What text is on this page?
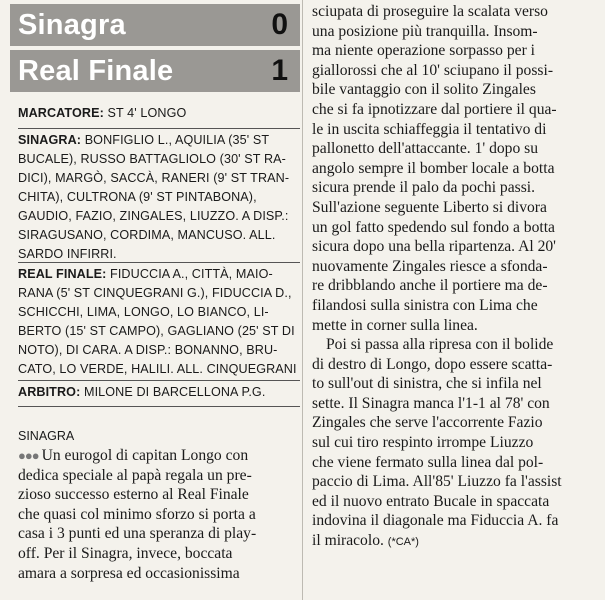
Sinagra	0
Real Finale	1
MARCATORE: ST 4' LONGO
SINAGRA: BONFIGLIO L., AQUILIA (35' ST
BUCALE), RUSSO BATTAGLIOLO (30' ST RA-
DICI), MARGÒ, SACCÀ, RANERI (9' ST TRAN-
CHITA), CULTRONA (9' ST PINTABONA),
GAUDIO, FAZIO, ZINGALES, LIUZZO. A DISP.:
SIRAGUSANO, CORDIMA, MANCUSO. ALL.
SARDO INFIRRI.
REAL FINALE: FIDUCCIA A., CITTÀ, MAIO-
RANA (5' ST CINQUEGRANI G.), FIDUCCIA D.,
SCHICCHI, LIMA, LONGO, LO BIANCO, LI-
BERTO (15' ST CAMPO), GAGLIANO (25' ST DI
NOTO), DI CARA. A DISP.: BONANNO, BRU-
CATO, LO VERDE, HALILI. ALL. CINQUEGRANI
ARBITRO: MILONE DI BARCELLONA P.G.
SINAGRA
●●● Un eurogol di capitan Longo con
dedica speciale al papà regala un pre-
zioso successo esterno al Real Finale
che quasi col minimo sforzo si porta a
casa i 3 punti ed una speranza di play-
off. Per il Sinagra, invece, boccata
amara a sorpresa ed occasionissima
sciupata di proseguire la scalata verso
una posizione più tranquilla. Insom-
ma niente operazione sorpasso per i
giallorossi che al 10' sciupano il possi-
bile vantaggio con il solito Zingales
che si fa ipnotizzare dal portiere il qua-
le in uscita schiaffeggia il tentativo di
pallonetto dell'attaccante. 1' dopo su
angolo sempre il bomber locale a botta
sicura prende il palo da pochi passi.
Sull'azione seguente Liberto si divora
un gol fatto spedendo sul fondo a botta
sicura dopo una bella ripartenza. Al 20'
nuovamente Zingales riesce a sfonda-
re dribblando anche il portiere ma de-
filandosi sulla sinistra con Lima che
mette in corner sulla linea.
Poi si passa alla ripresa con il bolide
di destro di Longo, dopo essere scatta-
to sull'out di sinistra, che si infila nel
sette. Il Sinagra manca l'1-1 al 78' con
Zingales che serve l'accorrente Fazio
sul cui tiro respinto irrompe Liuzzo
che viene fermato sulla linea dal pol-
paccio di Lima. All'85' Liuzzo fa l'assist
ed il nuovo entrato Bucale in spaccata
indovina il diagonale ma Fiduccia A. fa
il miracolo. (*CA*)
